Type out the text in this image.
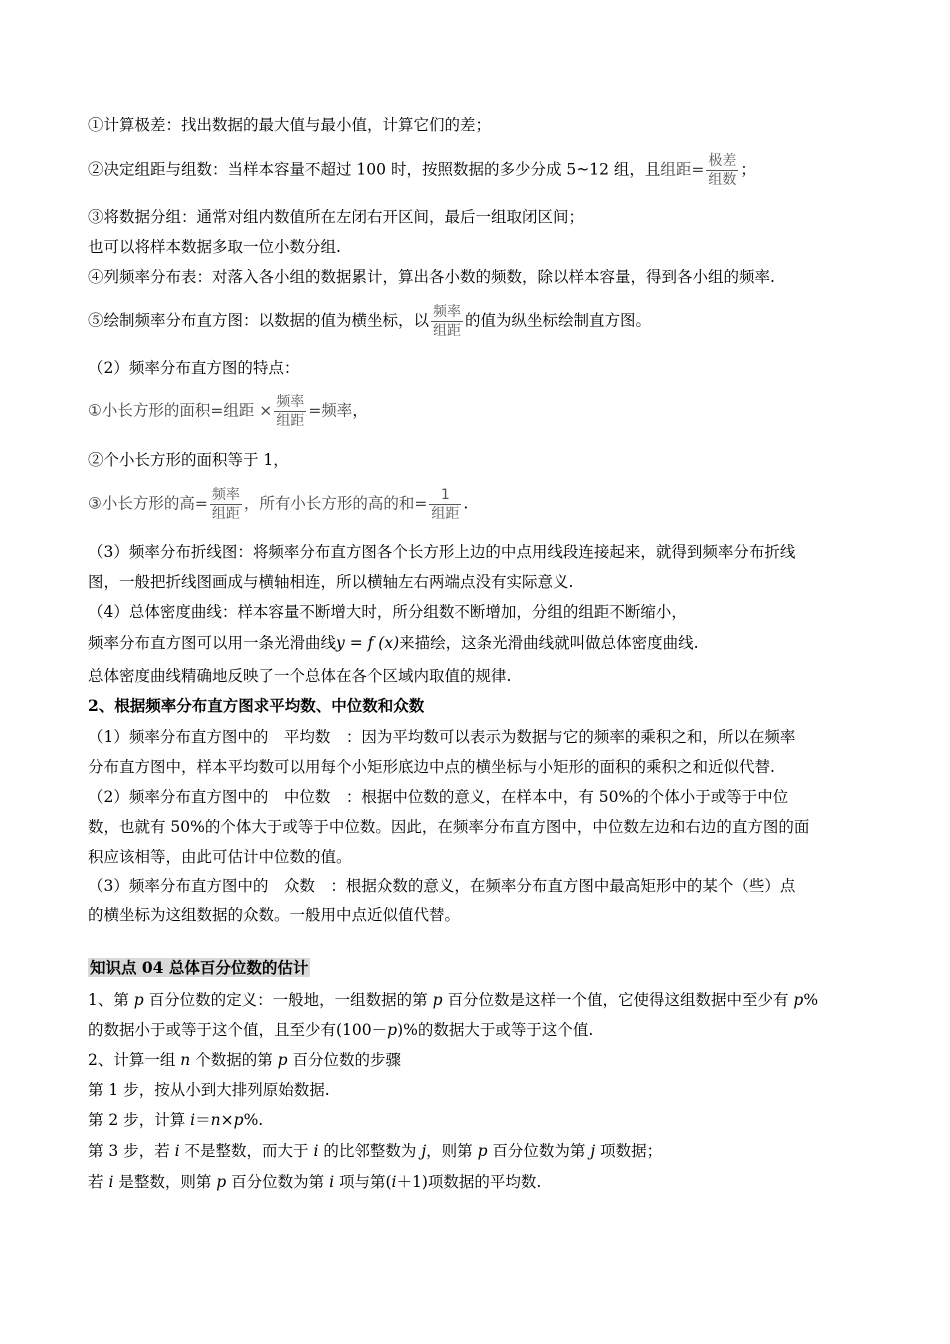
①计算极差：找出数据的最大值与最小值，计算它们的差；
②决定组距与组数：当样本容量不超过 100 时，按照数据的多少分成 5~12 组，且组距= $\frac{\text{极差}}{\text{组数}}$ ；
③将数据分组：通常对组内数值所在左闭右开区间，最后一组取闭区间；
也可以将样本数据多取一位小数分组.
④列频率分布表：对落入各小组的数据累计，算出各小数的频数，除以样本容量，得到各小组的频率.
⑤绘制频率分布直方图：以数据的值为横坐标，以 $\frac{\text{频率}}{\text{组距}}$ 的值为纵坐标绘制直方图。
（2）频率分布直方图的特点：
①小长方形的面积=组距 × $\frac{\text{频率}}{\text{组距}}$ =频率，
②个小长方形的面积等于 1，
③小长方形的高= $\frac{\text{频率}}{\text{组距}}$ ，所有小长方形的高的和= $\frac{1}{\text{组距}}$ .
（3）频率分布折线图：将频率分布直方图各个长方形上边的中点用线段连接起来，就得到频率分布折线
图，一般把折线图画成与横轴相连，所以横轴左右两端点没有实际意义.
（4）总体密度曲线：样本容量不断增大时，所分组数不断增加，分组的组距不断缩小，
频率分布直方图可以用一条光滑曲线y = f (x)来描绘，这条光滑曲线就叫做总体密度曲线.
总体密度曲线精确地反映了一个总体在各个区域内取值的规律.
2、根据频率分布直方图求平均数、中位数和众数
（1）频率分布直方图中的　平均数　：因为平均数可以表示为数据与它的频率的乘积之和，所以在频率
分布直方图中，样本平均数可以用每个小矩形底边中点的横坐标与小矩形的面积的乘积之和近似代替.
（2）频率分布直方图中的　中位数　：根据中位数的意义，在样本中，有 50%的个体小于或等于中位
数，也就有 50%的个体大于或等于中位数。因此，在频率分布直方图中，中位数左边和右边的直方图的面
积应该相等，由此可估计中位数的值。
（3）频率分布直方图中的　众数　：根据众数的意义，在频率分布直方图中最高矩形中的某个（些）点
的横坐标为这组数据的众数。一般用中点近似值代替。
知识点 04 总体百分位数的估计
1、第 p 百分位数的定义：一般地，一组数据的第 p 百分位数是这样一个值，它使得这组数据中至少有 p%
的数据小于或等于这个值，且至少有(100－p)%的数据大于或等于这个值.
2、计算一组 n 个数据的第 p 百分位数的步骤
第 1 步，按从小到大排列原始数据.
第 2 步，计算 i＝n×p%.
第 3 步，若 i 不是整数，而大于 i 的比邻整数为 j，则第 p 百分位数为第 j 项数据；
若 i 是整数，则第 p 百分位数为第 i 项与第(i＋1)项数据的平均数.
